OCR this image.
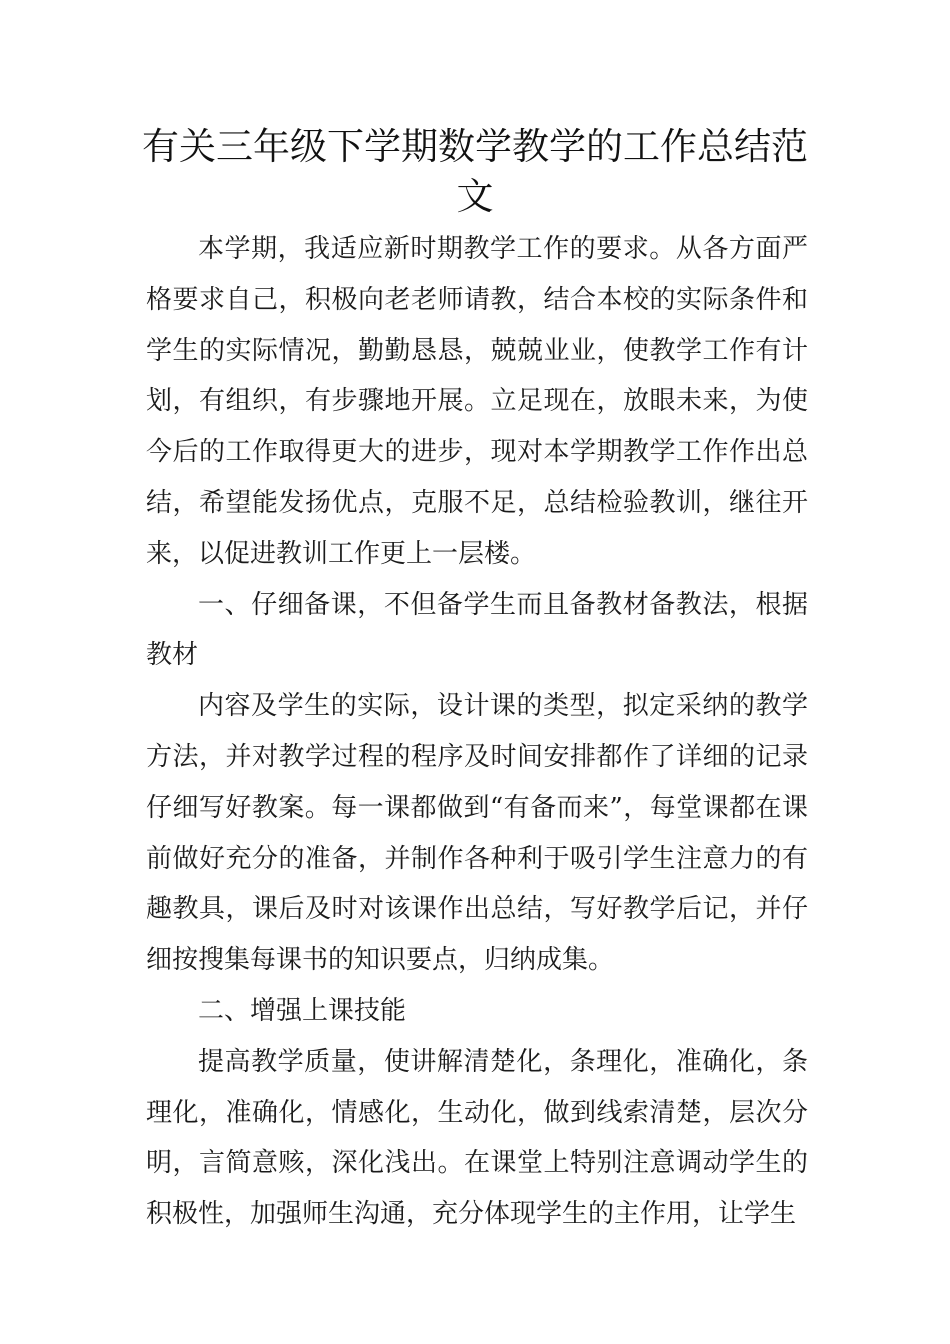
有关三年级下学期数学教学的工作总结范文

本学期，我适应新时期教学工作的要求。从各方面严格要求自己，积极向老老师请教，结合本校的实际条件和学生的实际情况，勤勤恳恳，兢兢业业，使教学工作有计划，有组织，有步骤地开展。立足现在，放眼未来，为使今后的工作取得更大的进步，现对本学期教学工作作出总结，希望能发扬优点，克服不足，总结检验教训，继往开来，以促进教训工作更上一层楼。

一、仔细备课，不但备学生而且备教材备教法，根据教材

内容及学生的实际，设计课的类型，拟定采纳的教学方法，并对教学过程的程序及时间安排都作了详细的记录仔细写好教案。每一课都做到“有备而来”，每堂课都在课前做好充分的准备，并制作各种利于吸引学生注意力的有趣教具，课后及时对该课作出总结，写好教学后记，并仔细按搜集每课书的知识要点，归纳成集。

二、增强上课技能

提高教学质量，使讲解清楚化，条理化，准确化，条理化，准确化，情感化，生动化，做到线索清楚，层次分明，言简意赅，深化浅出。在课堂上特别注意调动学生的积极性，加强师生沟通，充分体现学生的主作用，让学生
